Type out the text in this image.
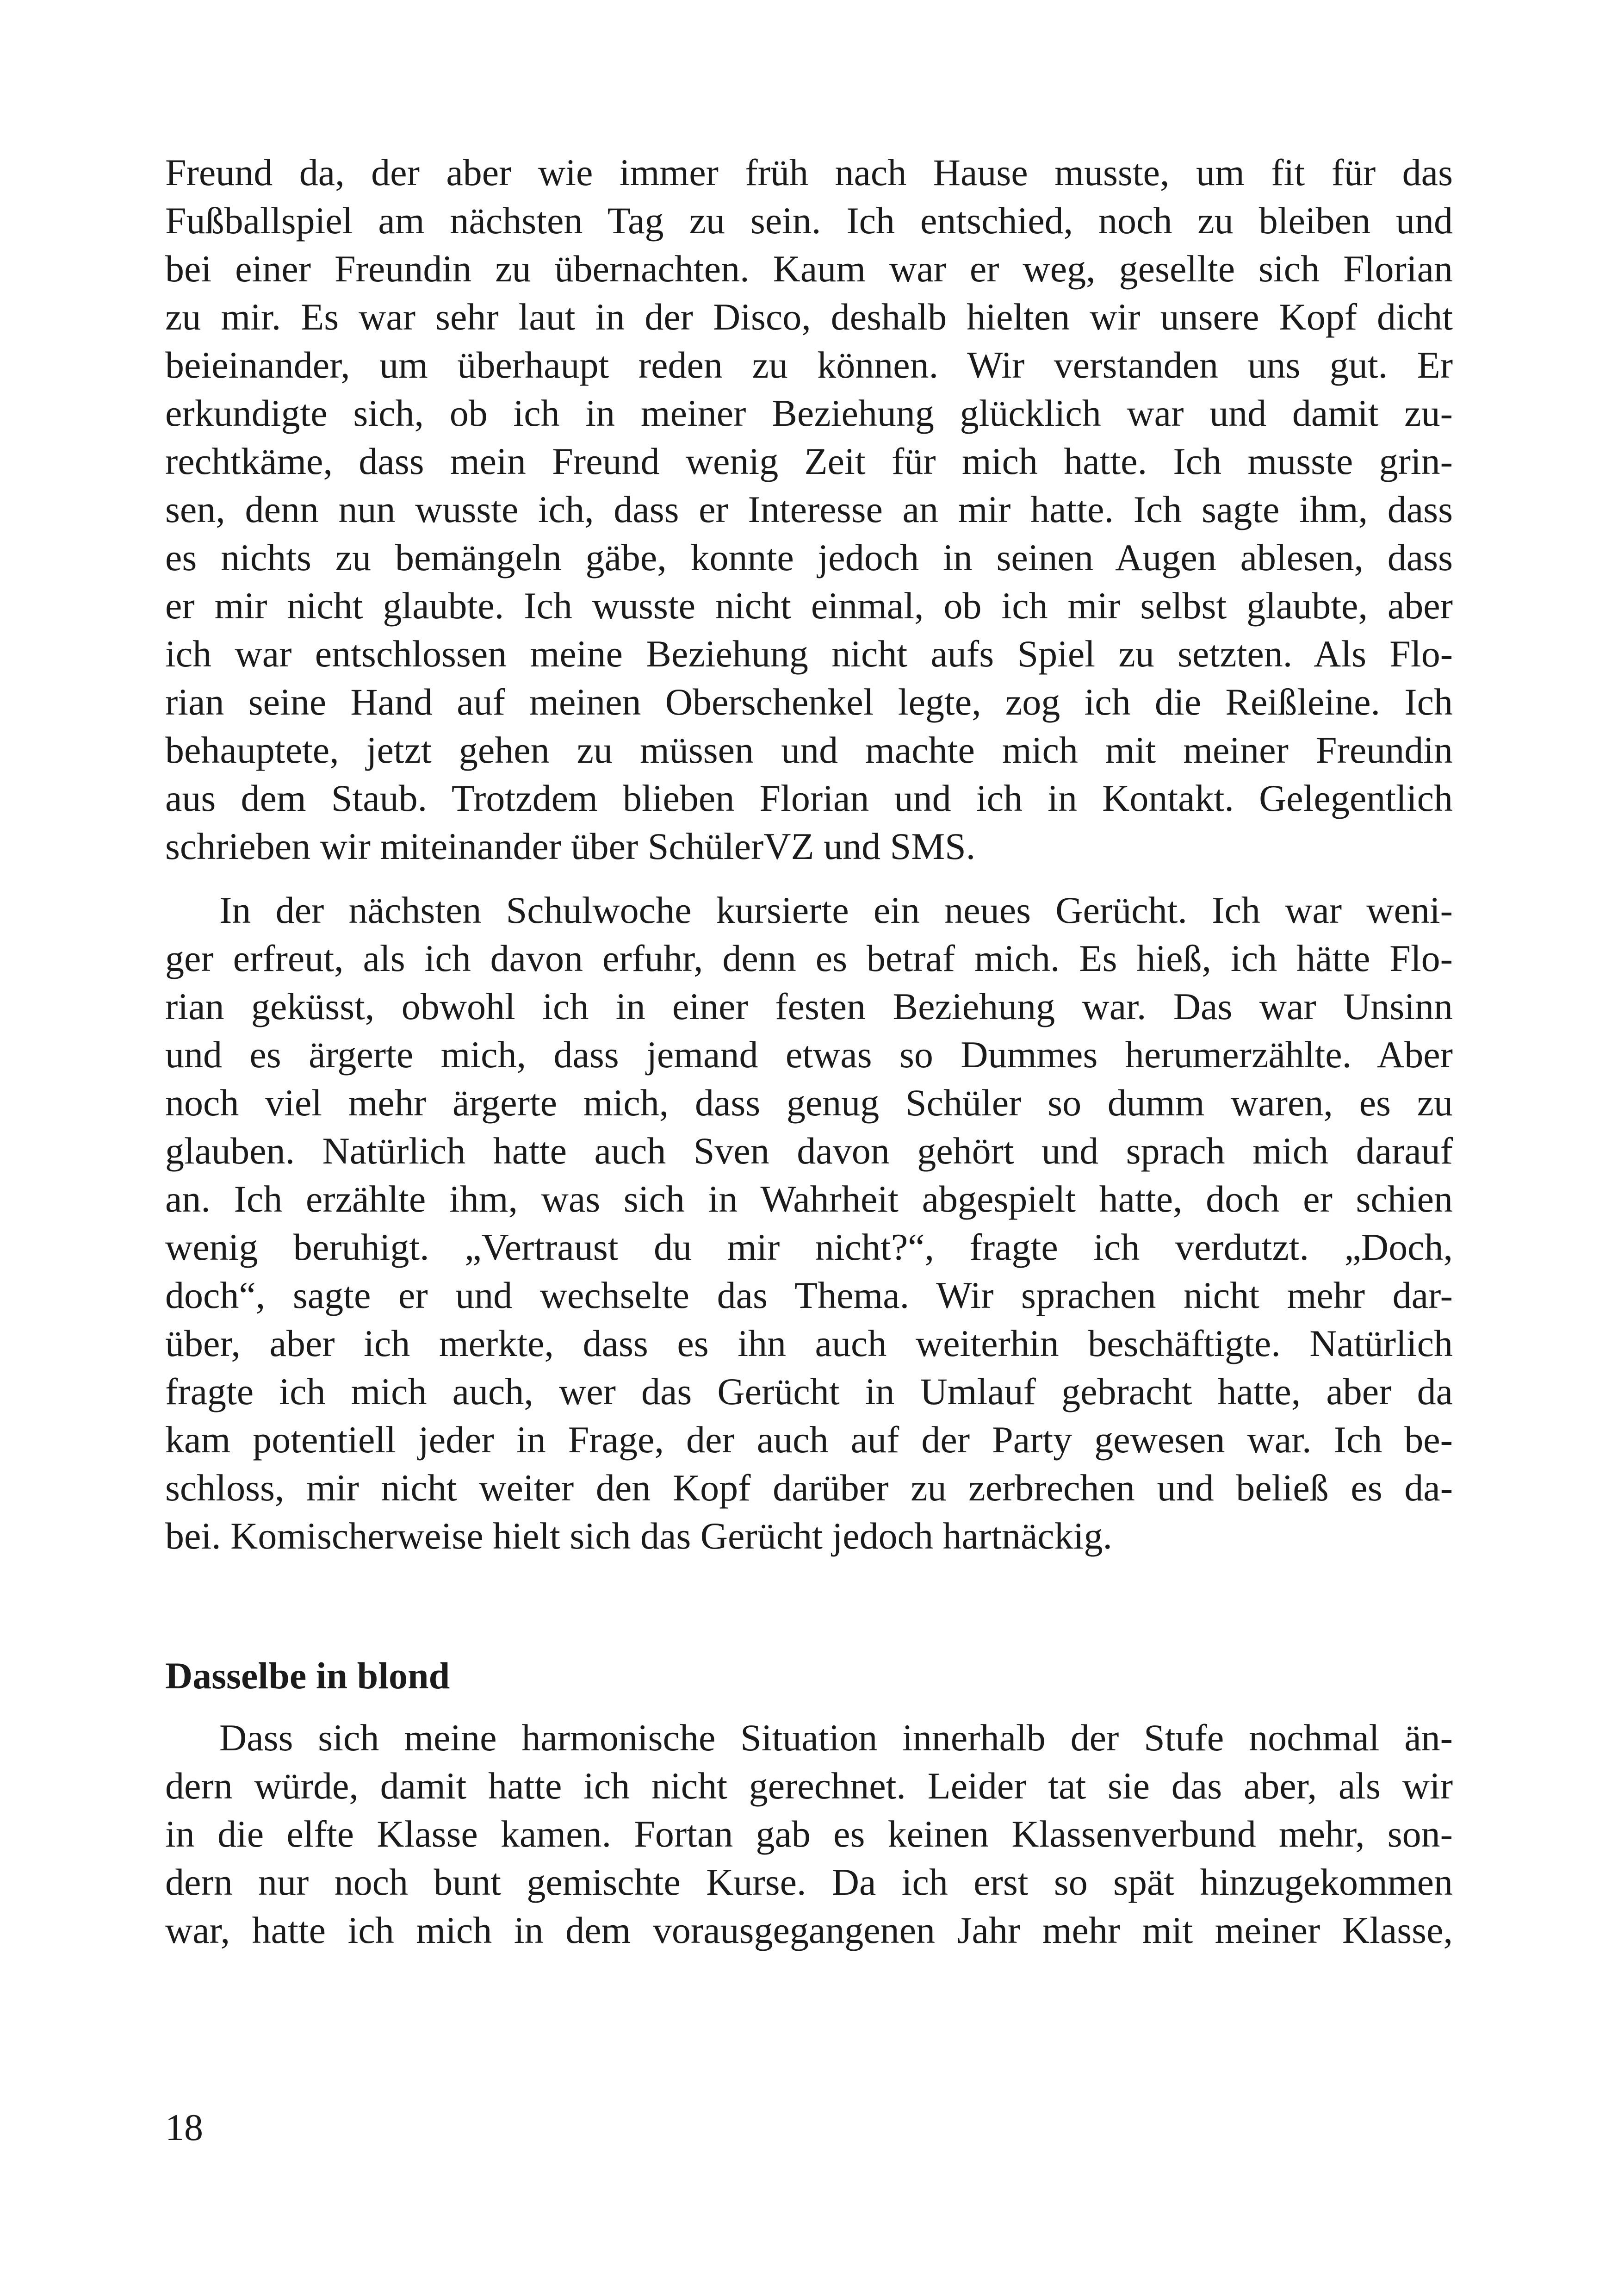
Freund da, der aber wie immer früh nach Hause musste, um fit für das
Fußballspiel am nächsten Tag zu sein. Ich entschied, noch zu bleiben und
bei einer Freundin zu übernachten. Kaum war er weg, gesellte sich Florian
zu mir. Es war sehr laut in der Disco, deshalb hielten wir unsere Kopf dicht
beieinander, um überhaupt reden zu können. Wir verstanden uns gut. Er
erkundigte sich, ob ich in meiner Beziehung glücklich war und damit zu-
rechtkäme, dass mein Freund wenig Zeit für mich hatte. Ich musste grin-
sen, denn nun wusste ich, dass er Interesse an mir hatte. Ich sagte ihm, dass
es nichts zu bemängeln gäbe, konnte jedoch in seinen Augen ablesen, dass
er mir nicht glaubte. Ich wusste nicht einmal, ob ich mir selbst glaubte, aber
ich war entschlossen meine Beziehung nicht aufs Spiel zu setzten. Als Flo-
rian seine Hand auf meinen Oberschenkel legte, zog ich die Reißleine. Ich
behauptete, jetzt gehen zu müssen und machte mich mit meiner Freundin
aus dem Staub. Trotzdem blieben Florian und ich in Kontakt. Gelegentlich
schrieben wir miteinander über SchülerVZ und SMS.
In der nächsten Schulwoche kursierte ein neues Gerücht. Ich war weni-
ger erfreut, als ich davon erfuhr, denn es betraf mich. Es hieß, ich hätte Flo-
rian geküsst, obwohl ich in einer festen Beziehung war. Das war Unsinn
und es ärgerte mich, dass jemand etwas so Dummes herumerzählte. Aber
noch viel mehr ärgerte mich, dass genug Schüler so dumm waren, es zu
glauben. Natürlich hatte auch Sven davon gehört und sprach mich darauf
an. Ich erzählte ihm, was sich in Wahrheit abgespielt hatte, doch er schien
wenig beruhigt. „Vertraust du mir nicht?“, fragte ich verdutzt. „Doch,
doch“, sagte er und wechselte das Thema. Wir sprachen nicht mehr dar-
über, aber ich merkte, dass es ihn auch weiterhin beschäftigte. Natürlich
fragte ich mich auch, wer das Gerücht in Umlauf gebracht hatte, aber da
kam potentiell jeder in Frage, der auch auf der Party gewesen war. Ich be-
schloss, mir nicht weiter den Kopf darüber zu zerbrechen und beließ es da-
bei. Komischerweise hielt sich das Gerücht jedoch hartnäckig.
Dasselbe in blond
Dass sich meine harmonische Situation innerhalb der Stufe nochmal än-
dern würde, damit hatte ich nicht gerechnet. Leider tat sie das aber, als wir
in die elfte Klasse kamen. Fortan gab es keinen Klassenverbund mehr, son-
dern nur noch bunt gemischte Kurse. Da ich erst so spät hinzugekommen
war, hatte ich mich in dem vorausgegangenen Jahr mehr mit meiner Klasse,
18
